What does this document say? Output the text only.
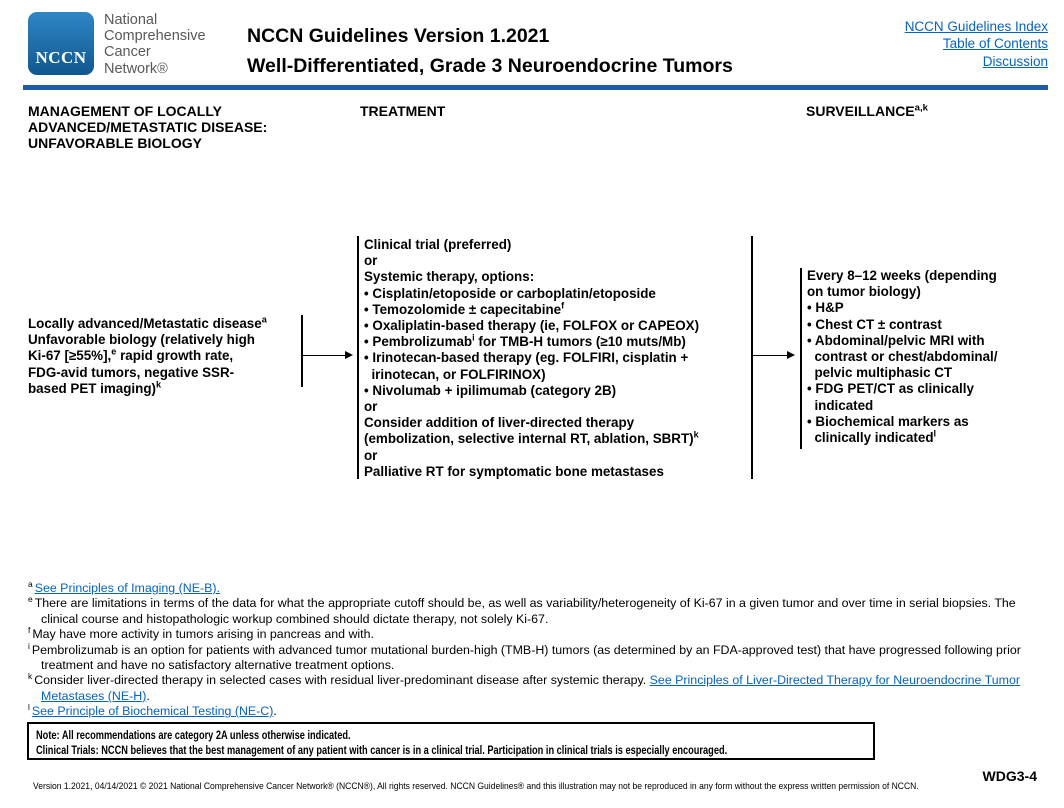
NCCN
National
Comprehensive
Cancer
Network®
NCCN Guidelines Version 1.2021
Well-Differentiated, Grade 3 Neuroendocrine Tumors
NCCN Guidelines Index
Table of Contents
Discussion
MANAGEMENT OF LOCALLY
ADVANCED/METASTATIC DISEASE:
UNFAVORABLE BIOLOGY
TREATMENT	SURVEILLANCE$^{a,k}$
Locally advanced/Metastatic disease$^a$
Unfavorable biology (relatively high
Ki-67 [≥55%],$^e$ rapid growth rate,
FDG-avid tumors, negative SSR-
based PET imaging)$^k$
Clinical trial (preferred)
or
Systemic therapy, options:
• Cisplatin/etoposide or carboplatin/etoposide
• Temozolomide ± capecitabine$^f$
• Oxaliplatin-based therapy (ie, FOLFOX or CAPEOX)
• Pembrolizumab$^i$ for TMB-H tumors (≥10 muts/Mb)
• Irinotecan-based therapy (eg. FOLFIRI, cisplatin +
irinotecan, or FOLFIRINOX)
• Nivolumab + ipilimumab (category 2B)
or
Consider addition of liver-directed therapy
(embolization, selective internal RT, ablation, SBRT)$^k$
or
Palliative RT for symptomatic bone metastases
Every 8–12 weeks (depending
on tumor biology)
• H&P
• Chest CT ± contrast
• Abdominal/pelvic MRI with
contrast or chest/abdominal/
pelvic multiphasic CT
• FDG PET/CT as clinically
indicated
• Biochemical markers as
clinically indicated$^l$
$^a$ See Principles of Imaging (NE-B).
$^e$ There are limitations in terms of the data for what the appropriate cutoff should be, as well as variability/heterogeneity of Ki-67 in a given tumor and over time in serial biopsies. The clinical course and histopathologic workup combined should dictate therapy, not solely Ki-67.
$^f$ May have more activity in tumors arising in pancreas and with.
$^i$ Pembrolizumab is an option for patients with advanced tumor mutational burden-high (TMB-H) tumors (as determined by an FDA-approved test) that have progressed following prior treatment and have no satisfactory alternative treatment options.
$^k$ Consider liver-directed therapy in selected cases with residual liver-predominant disease after systemic therapy. See Principles of Liver-Directed Therapy for Neuroendocrine Tumor Metastases (NE-H).
$^l$ See Principle of Biochemical Testing (NE-C).
Note: All recommendations are category 2A unless otherwise indicated.
Clinical Trials: NCCN believes that the best management of any patient with cancer is in a clinical trial. Participation in clinical trials is especially encouraged.
Version 1.2021, 04/14/2021 © 2021 National Comprehensive Cancer Network® (NCCN®), All rights reserved. NCCN Guidelines® and this illustration may not be reproduced in any form without the express written permission of NCCN.
WDG3-4
